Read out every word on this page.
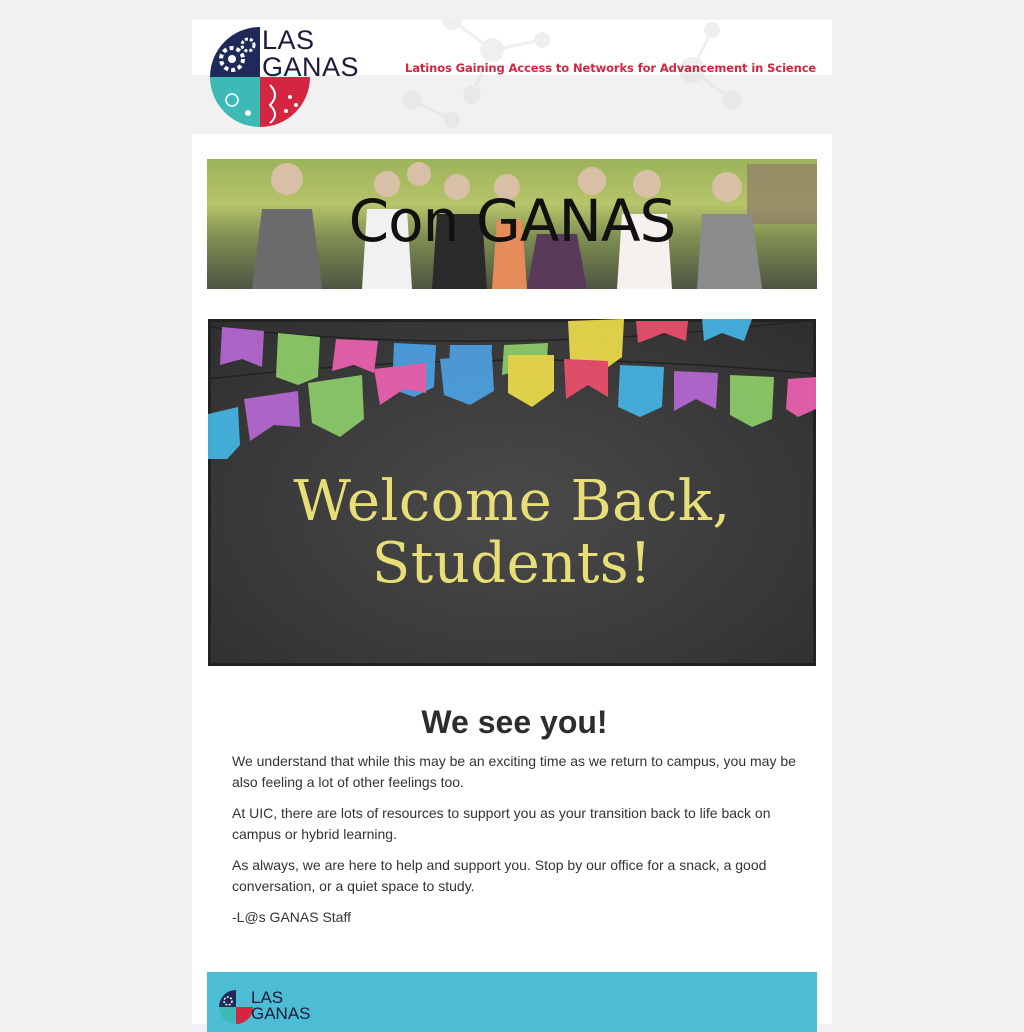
LAS
GANAS	Latinos Gaining Access to Networks for Advancement in Science
Con GANAS
Welcome Back,
Students!
We see you!

We understand that while this may be an exciting time as we return to campus, you may be also feeling a lot of other feelings too.

At UIC, there are lots of resources to support you as your transition back to life back on campus or hybrid learning.

As always, we are here to help and support you. Stop by our office for a snack, a good conversation, or a quiet space to study.

-L@s GANAS Staff

LAS
GANAS
